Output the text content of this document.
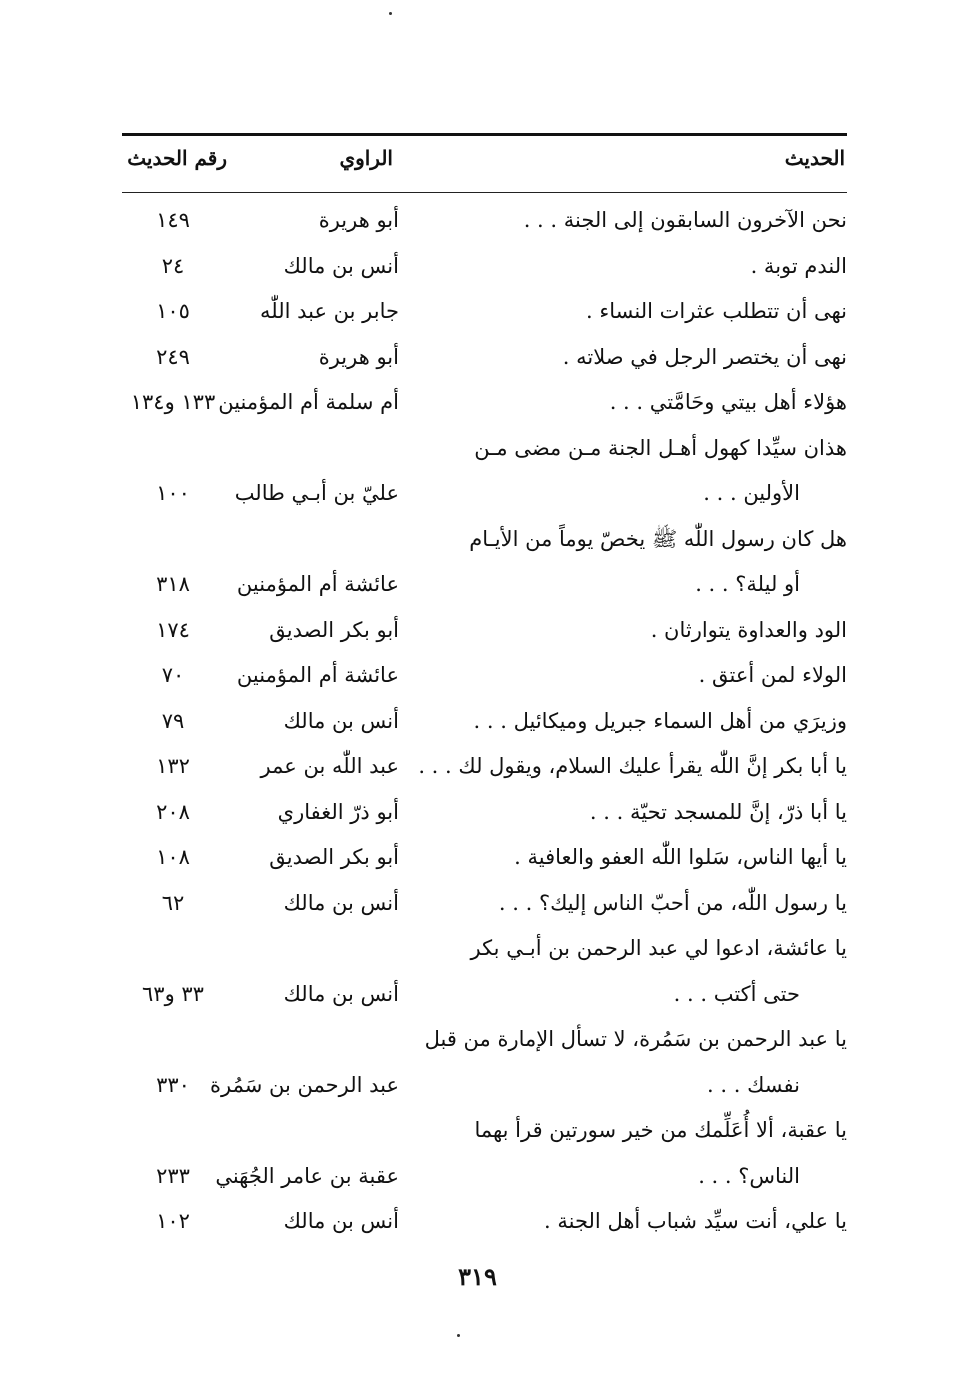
الحديث
الراوي
رقم الحديث
نحن الآخرون السابقون إلى الجنة . . .
أبو هريرة
١٤٩
الندم توبة .
أنس بن مالك
٢٤
نهى أن تتطلب عثرات النساء .
جابر بن عبد اللّٰه
١٠٥
نهى أن يختصر الرجل في صلاته .
أبو هريرة
٢٤٩
هؤلاء أهل بيتي وحَامَّتي . . .
أم سلمة أم المؤمنين
١٣٣ و١٣٤
هذان سيِّدا كهول أهـل الجنة مـن مضى مـن
الأولين . . .
عليّ بن أبـي طالب
١٠٠
هل كان رسول اللّٰه ﷺ يخصّ يوماً من الأيـام
أو ليلة؟ . . .
عائشة أم المؤمنين
٣١٨
الود والعداوة يتوارثان .
أبو بكر الصديق
١٧٤
الولاء لمن أعتق .
عائشة أم المؤمنين
٧٠
وزيرَي من أهل السماء جبريل وميكائيل . . .
أنس بن مالك
٧٩
يا أبا بكر إنَّ اللّٰه يقرأ عليك السلام، ويقول لك . . .
عبد اللّٰه بن عمر
١٣٢
يا أبا ذرّ، إنَّ للمسجد تحيّة . . .
أبو ذرّ الغفاري
٢٠٨
يا أيها الناس، سَلوا اللّٰه العفو والعافية .
أبو بكر الصديق
١٠٨
يا رسول اللّٰه، من أحبّ الناس إليك؟ . . .
أنس بن مالك
٦٢
يا عائشة، ادعوا لي عبد الرحمن بن أبـي بكر
حتى أكتب . . .
أنس بن مالك
٣٣ و٦٣
يا عبد الرحمن بن سَمُرة، لا تسأل الإمارة من قبل
نفسك . . .
عبد الرحمن بن سَمُرة
٣٣٠
يا عقبة، ألا أُعَلِّمك من خير سورتين قرأ بهما
الناس؟ . . .
عقبة بن عامر الجُهَني
٢٣٣
يا علي، أنت سيِّد شباب أهل الجنة .
أنس بن مالك
١٠٢
٣١٩
